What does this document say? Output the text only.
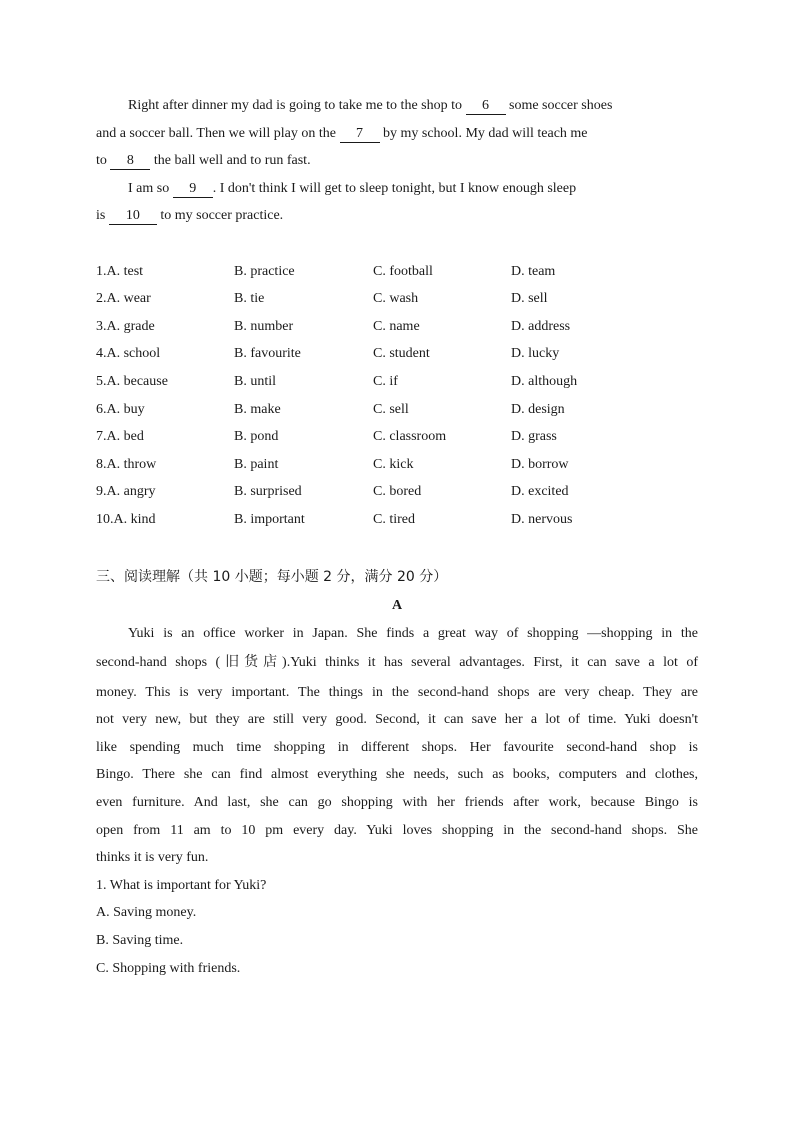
Right after dinner my dad is going to take me to the shop to 6 some soccer shoes
and a soccer ball. Then we will play on the 7 by my school. My dad will teach me
to 8 the ball well and to run fast.
I am so 9 . I don't think I will get to sleep tonight, but I know enough sleep
is 10 to my soccer practice.
1.A. test	B. practice	C. football	D. team
2.A. wear	B. tie	C. wash	D. sell
3.A. grade	B. number	C. name	D. address
4.A. school	B. favourite	C. student	D. lucky
5.A. because	B. until	C. if	D. although
6.A. buy	B. make	C. sell	D. design
7.A. bed	B. pond	C. classroom	D. grass
8.A. throw	B. paint	C. kick	D. borrow
9.A. angry	B. surprised	C. bored	D. excited
10.A. kind	B. important	C. tired	D. nervous
三、阅读理解（共 10 小题；每小题 2 分，满分 20 分）
A
Yuki is an office worker in Japan. She finds a great way of shopping —shopping in the
second-hand shops (旧货店).Yuki thinks it has several advantages. First, it can save a lot of
money. This is very important. The things in the second-hand shops are very cheap. They are
not very new, but they are still very good. Second, it can save her a lot of time. Yuki doesn't
like spending much time shopping in different shops. Her favourite second-hand shop is
Bingo. There she can find almost everything she needs, such as books, computers and clothes,
even furniture. And last, she can go shopping with her friends after work, because Bingo is
open from 11 am to 10 pm every day. Yuki loves shopping in the second-hand shops. She
thinks it is very fun.
1. What is important for Yuki?
A. Saving money.
B. Saving time.
C. Shopping with friends.
